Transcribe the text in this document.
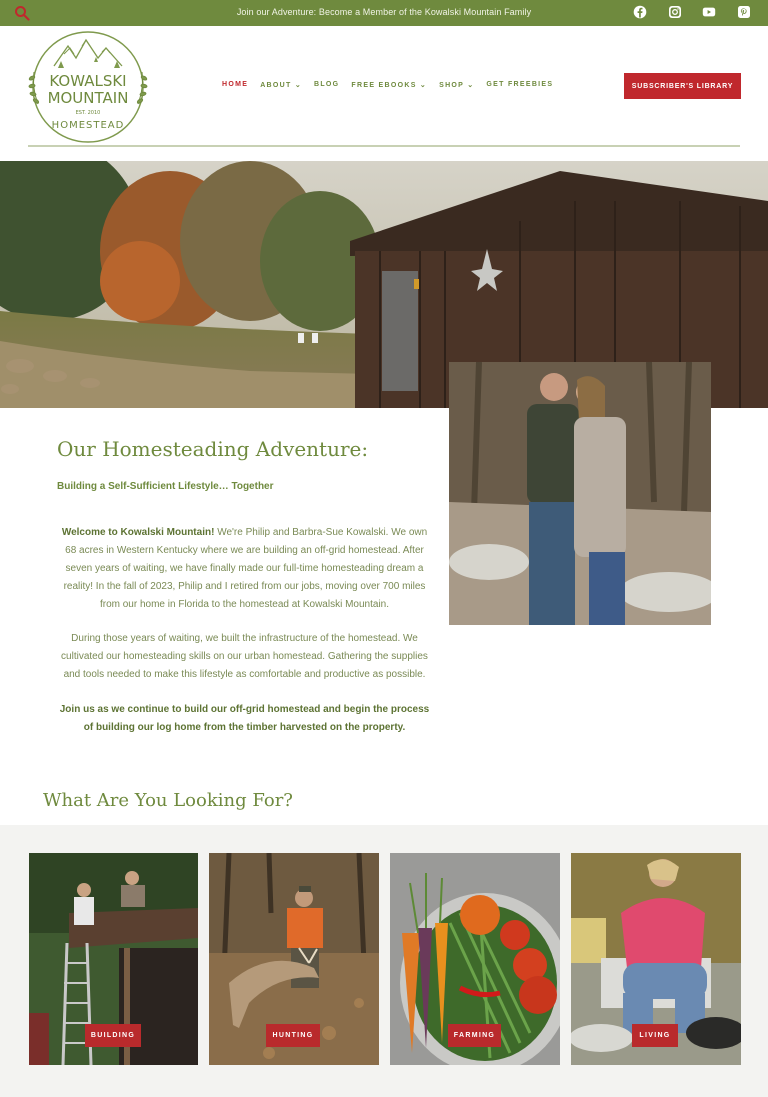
Join our Adventure: Become a Member of the Kowalski Mountain Family
KOWALSKI
MOUNTAIN
EST. 2010
HOMESTEAD
HOME ABOUT ⌄ BLOG FREE EBOOKS ⌄ SHOP ⌄ GET FREEBIES	SUBSCRIBER'S LIBRARY
Our Homesteading Adventure:
Building a Self-Sufficient Lifestyle… Together
Welcome to Kowalski Mountain! We're Philip and Barbra-Sue Kowalski. We own 68 acres in Western Kentucky where we are building an off-grid homestead. After seven years of waiting, we have finally made our full-time homesteading dream a reality! In the fall of 2023, Philip and I retired from our jobs, moving over 700 miles from our home in Florida to the homestead at Kowalski Mountain.
During those years of waiting, we built the infrastructure of the homestead. We cultivated our homesteading skills on our urban homestead. Gathering the supplies and tools needed to make this lifestyle as comfortable and productive as possible.
Join us as we continue to build our off-grid homestead and begin the process of building our log home from the timber harvested on the property.
What Are You Looking For?
BUILDING	HUNTING	FARMING	LIVING
